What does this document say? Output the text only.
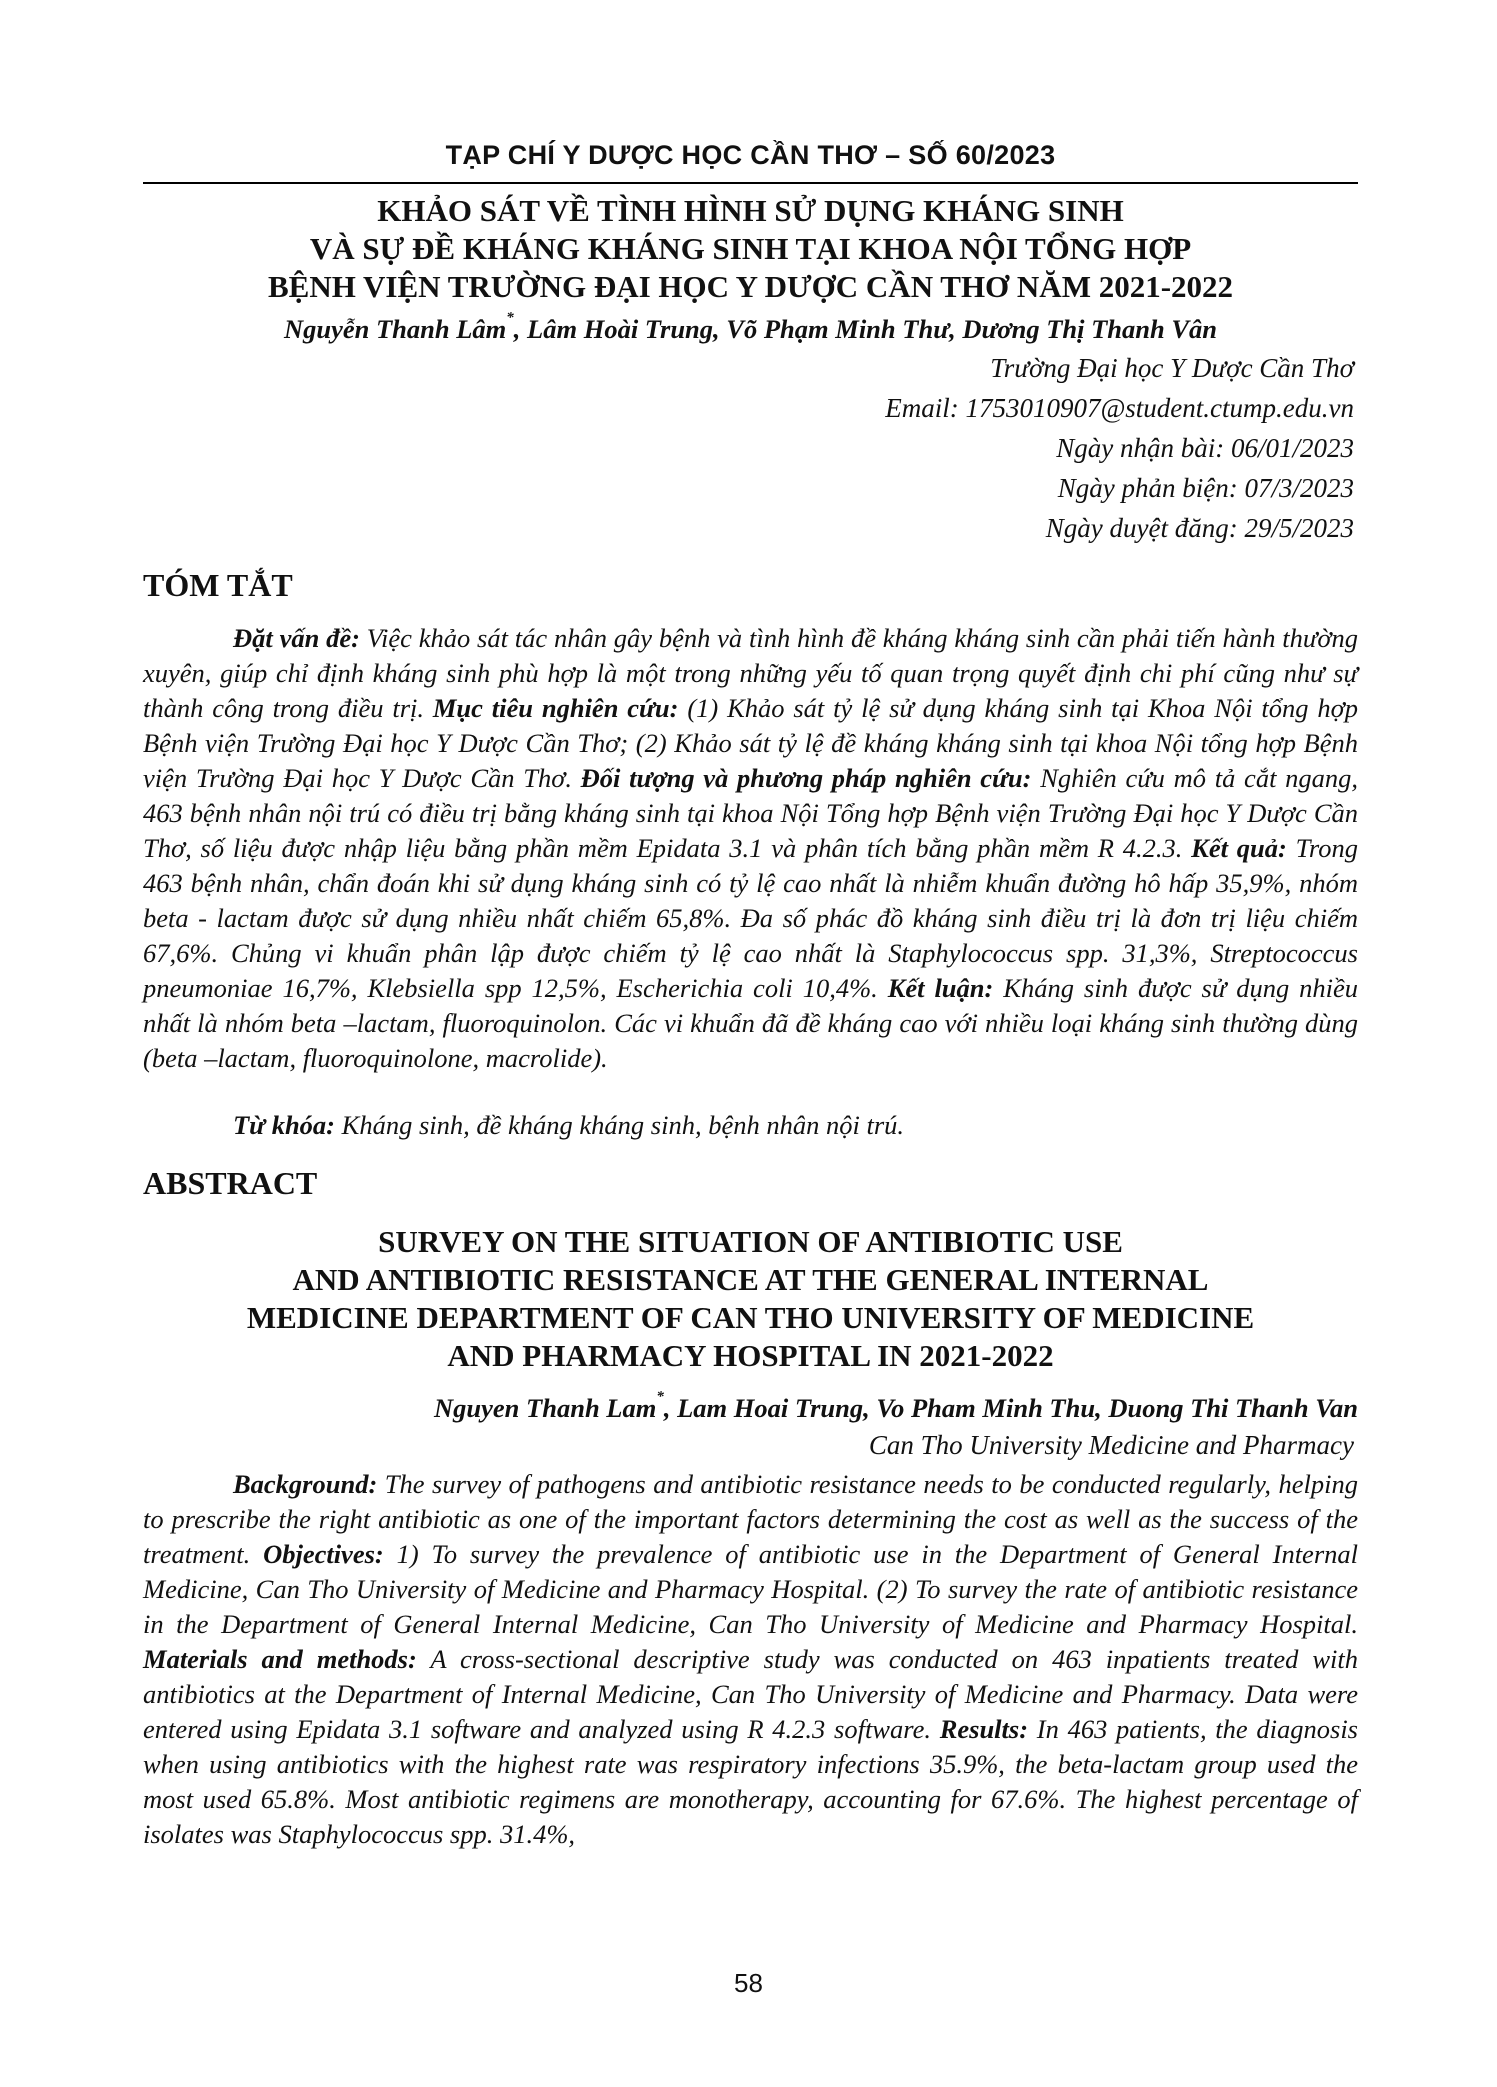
TẠP CHÍ Y DƯỢC HỌC CẦN THƠ – SỐ 60/2023
KHẢO SÁT VỀ TÌNH HÌNH SỬ DỤNG KHÁNG SINH
VÀ SỰ ĐỀ KHÁNG KHÁNG SINH TẠI KHOA NỘI TỔNG HỢP
BỆNH VIỆN TRƯỜNG ĐẠI HỌC Y DƯỢC CẦN THƠ NĂM 2021-2022
Nguyễn Thanh Lâm*, Lâm Hoài Trung, Võ Phạm Minh Thư, Dương Thị Thanh Vân
Trường Đại học Y Dược Cần Thơ
Email: 1753010907@student.ctump.edu.vn
Ngày nhận bài: 06/01/2023
Ngày phản biện: 07/3/2023
Ngày duyệt đăng: 29/5/2023
TÓM TẮT
Đặt vấn đề: Việc khảo sát tác nhân gây bệnh và tình hình đề kháng kháng sinh cần phải tiến hành thường xuyên, giúp chỉ định kháng sinh phù hợp là một trong những yếu tố quan trọng quyết định chi phí cũng như sự thành công trong điều trị. Mục tiêu nghiên cứu: (1) Khảo sát tỷ lệ sử dụng kháng sinh tại Khoa Nội tổng hợp Bệnh viện Trường Đại học Y Dược Cần Thơ; (2) Khảo sát tỷ lệ đề kháng kháng sinh tại khoa Nội tổng hợp Bệnh viện Trường Đại học Y Dược Cần Thơ. Đối tượng và phương pháp nghiên cứu: Nghiên cứu mô tả cắt ngang, 463 bệnh nhân nội trú có điều trị bằng kháng sinh tại khoa Nội Tổng hợp Bệnh viện Trường Đại học Y Dược Cần Thơ, số liệu được nhập liệu bằng phần mềm Epidata 3.1 và phân tích bằng phần mềm R 4.2.3. Kết quả: Trong 463 bệnh nhân, chẩn đoán khi sử dụng kháng sinh có tỷ lệ cao nhất là nhiễm khuẩn đường hô hấp 35,9%, nhóm beta - lactam được sử dụng nhiều nhất chiếm 65,8%. Đa số phác đồ kháng sinh điều trị là đơn trị liệu chiếm 67,6%. Chủng vi khuẩn phân lập được chiếm tỷ lệ cao nhất là Staphylococcus spp. 31,3%, Streptococcus pneumoniae 16,7%, Klebsiella spp 12,5%, Escherichia coli 10,4%. Kết luận: Kháng sinh được sử dụng nhiều nhất là nhóm beta –lactam, fluoroquinolon. Các vi khuẩn đã đề kháng cao với nhiều loại kháng sinh thường dùng (beta –lactam, fluoroquinolone, macrolide).
Từ khóa: Kháng sinh, đề kháng kháng sinh, bệnh nhân nội trú.
ABSTRACT
SURVEY ON THE SITUATION OF ANTIBIOTIC USE
AND ANTIBIOTIC RESISTANCE AT THE GENERAL INTERNAL
MEDICINE DEPARTMENT OF CAN THO UNIVERSITY OF MEDICINE
AND PHARMACY HOSPITAL IN 2021-2022
Nguyen Thanh Lam*, Lam Hoai Trung, Vo Pham Minh Thu, Duong Thi Thanh Van
Can Tho University Medicine and Pharmacy
Background: The survey of pathogens and antibiotic resistance needs to be conducted regularly, helping to prescribe the right antibiotic as one of the important factors determining the cost as well as the success of the treatment. Objectives: 1) To survey the prevalence of antibiotic use in the Department of General Internal Medicine, Can Tho University of Medicine and Pharmacy Hospital. (2) To survey the rate of antibiotic resistance in the Department of General Internal Medicine, Can Tho University of Medicine and Pharmacy Hospital. Materials and methods: A cross-sectional descriptive study was conducted on 463 inpatients treated with antibiotics at the Department of Internal Medicine, Can Tho University of Medicine and Pharmacy. Data were entered using Epidata 3.1 software and analyzed using R 4.2.3 software. Results: In 463 patients, the diagnosis when using antibiotics with the highest rate was respiratory infections 35.9%, the beta-lactam group used the most used 65.8%. Most antibiotic regimens are monotherapy, accounting for 67.6%. The highest percentage of isolates was Staphylococcus spp. 31.4%,
58
